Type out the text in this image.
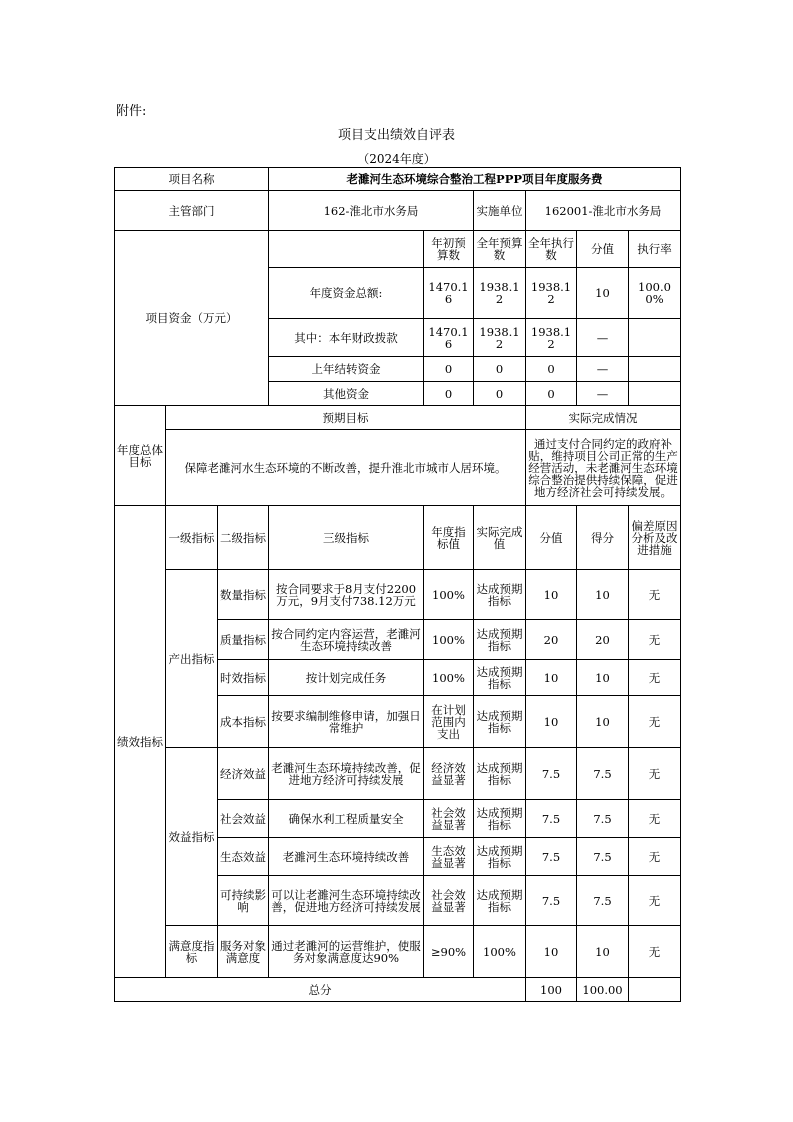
附件:
项目支出绩效自评表
（2024年度）
项目名称			老濉河生态环境综合整治工程PPP项目年度服务费						
主管部门			162-淮北市水务局		实施单位	162001-淮北市水务局			
项目资金（万元）				年初预算数	全年预算数	全年执行数	分值	执行率	
			年度资金总额:	1470.16	1938.12	1938.12	10	100.00%	
			其中：本年财政拨款	1470.16	1938.12	1938.12	—		
			上年结转资金	0	0	0	—		
			其他资金	0	0	0	—		
年度总体目标	预期目标					实际完成情况			
	保障老濉河水生态环境的不断改善，提升淮北市城市人居环境。					通过支付合同约定的政府补贴，维持项目公司正常的生产经营活动，未老濉河生态环境综合整治提供持续保障，促进地方经济社会可持续发展。			
绩效指标	一级指标	二级指标	三级指标	年度指标值	实际完成值	分值	得分	偏差原因分析及改进措施	
	产出指标	数量指标	按合同要求于8月支付2200万元，9月支付738.12万元	100%	达成预期指标	10	10	无	
		质量指标	按合同约定内容运营，老濉河生态环境持续改善	100%	达成预期指标	20	20	无	
		时效指标	按计划完成任务	100%	达成预期指标	10	10	无	
		成本指标	按要求编制维修申请，加强日常维护	在计划范围内支出	达成预期指标	10	10	无	
	效益指标	经济效益	老濉河生态环境持续改善，促进地方经济可持续发展	经济效益显著	达成预期指标	7.5	7.5	无	
		社会效益	确保水利工程质量安全	社会效益显著	达成预期指标	7.5	7.5	无	
		生态效益	老濉河生态环境持续改善	生态效益显著	达成预期指标	7.5	7.5	无	
		可持续影响	可以让老濉河生态环境持续改善，促进地方经济可持续发展	社会效益显著	达成预期指标	7.5	7.5	无	
	满意度指标	服务对象满意度	通过老濉河的运营维护，使服务对象满意度达90%	≥90%	100%	10	10	无	
总分						100	100.00		
